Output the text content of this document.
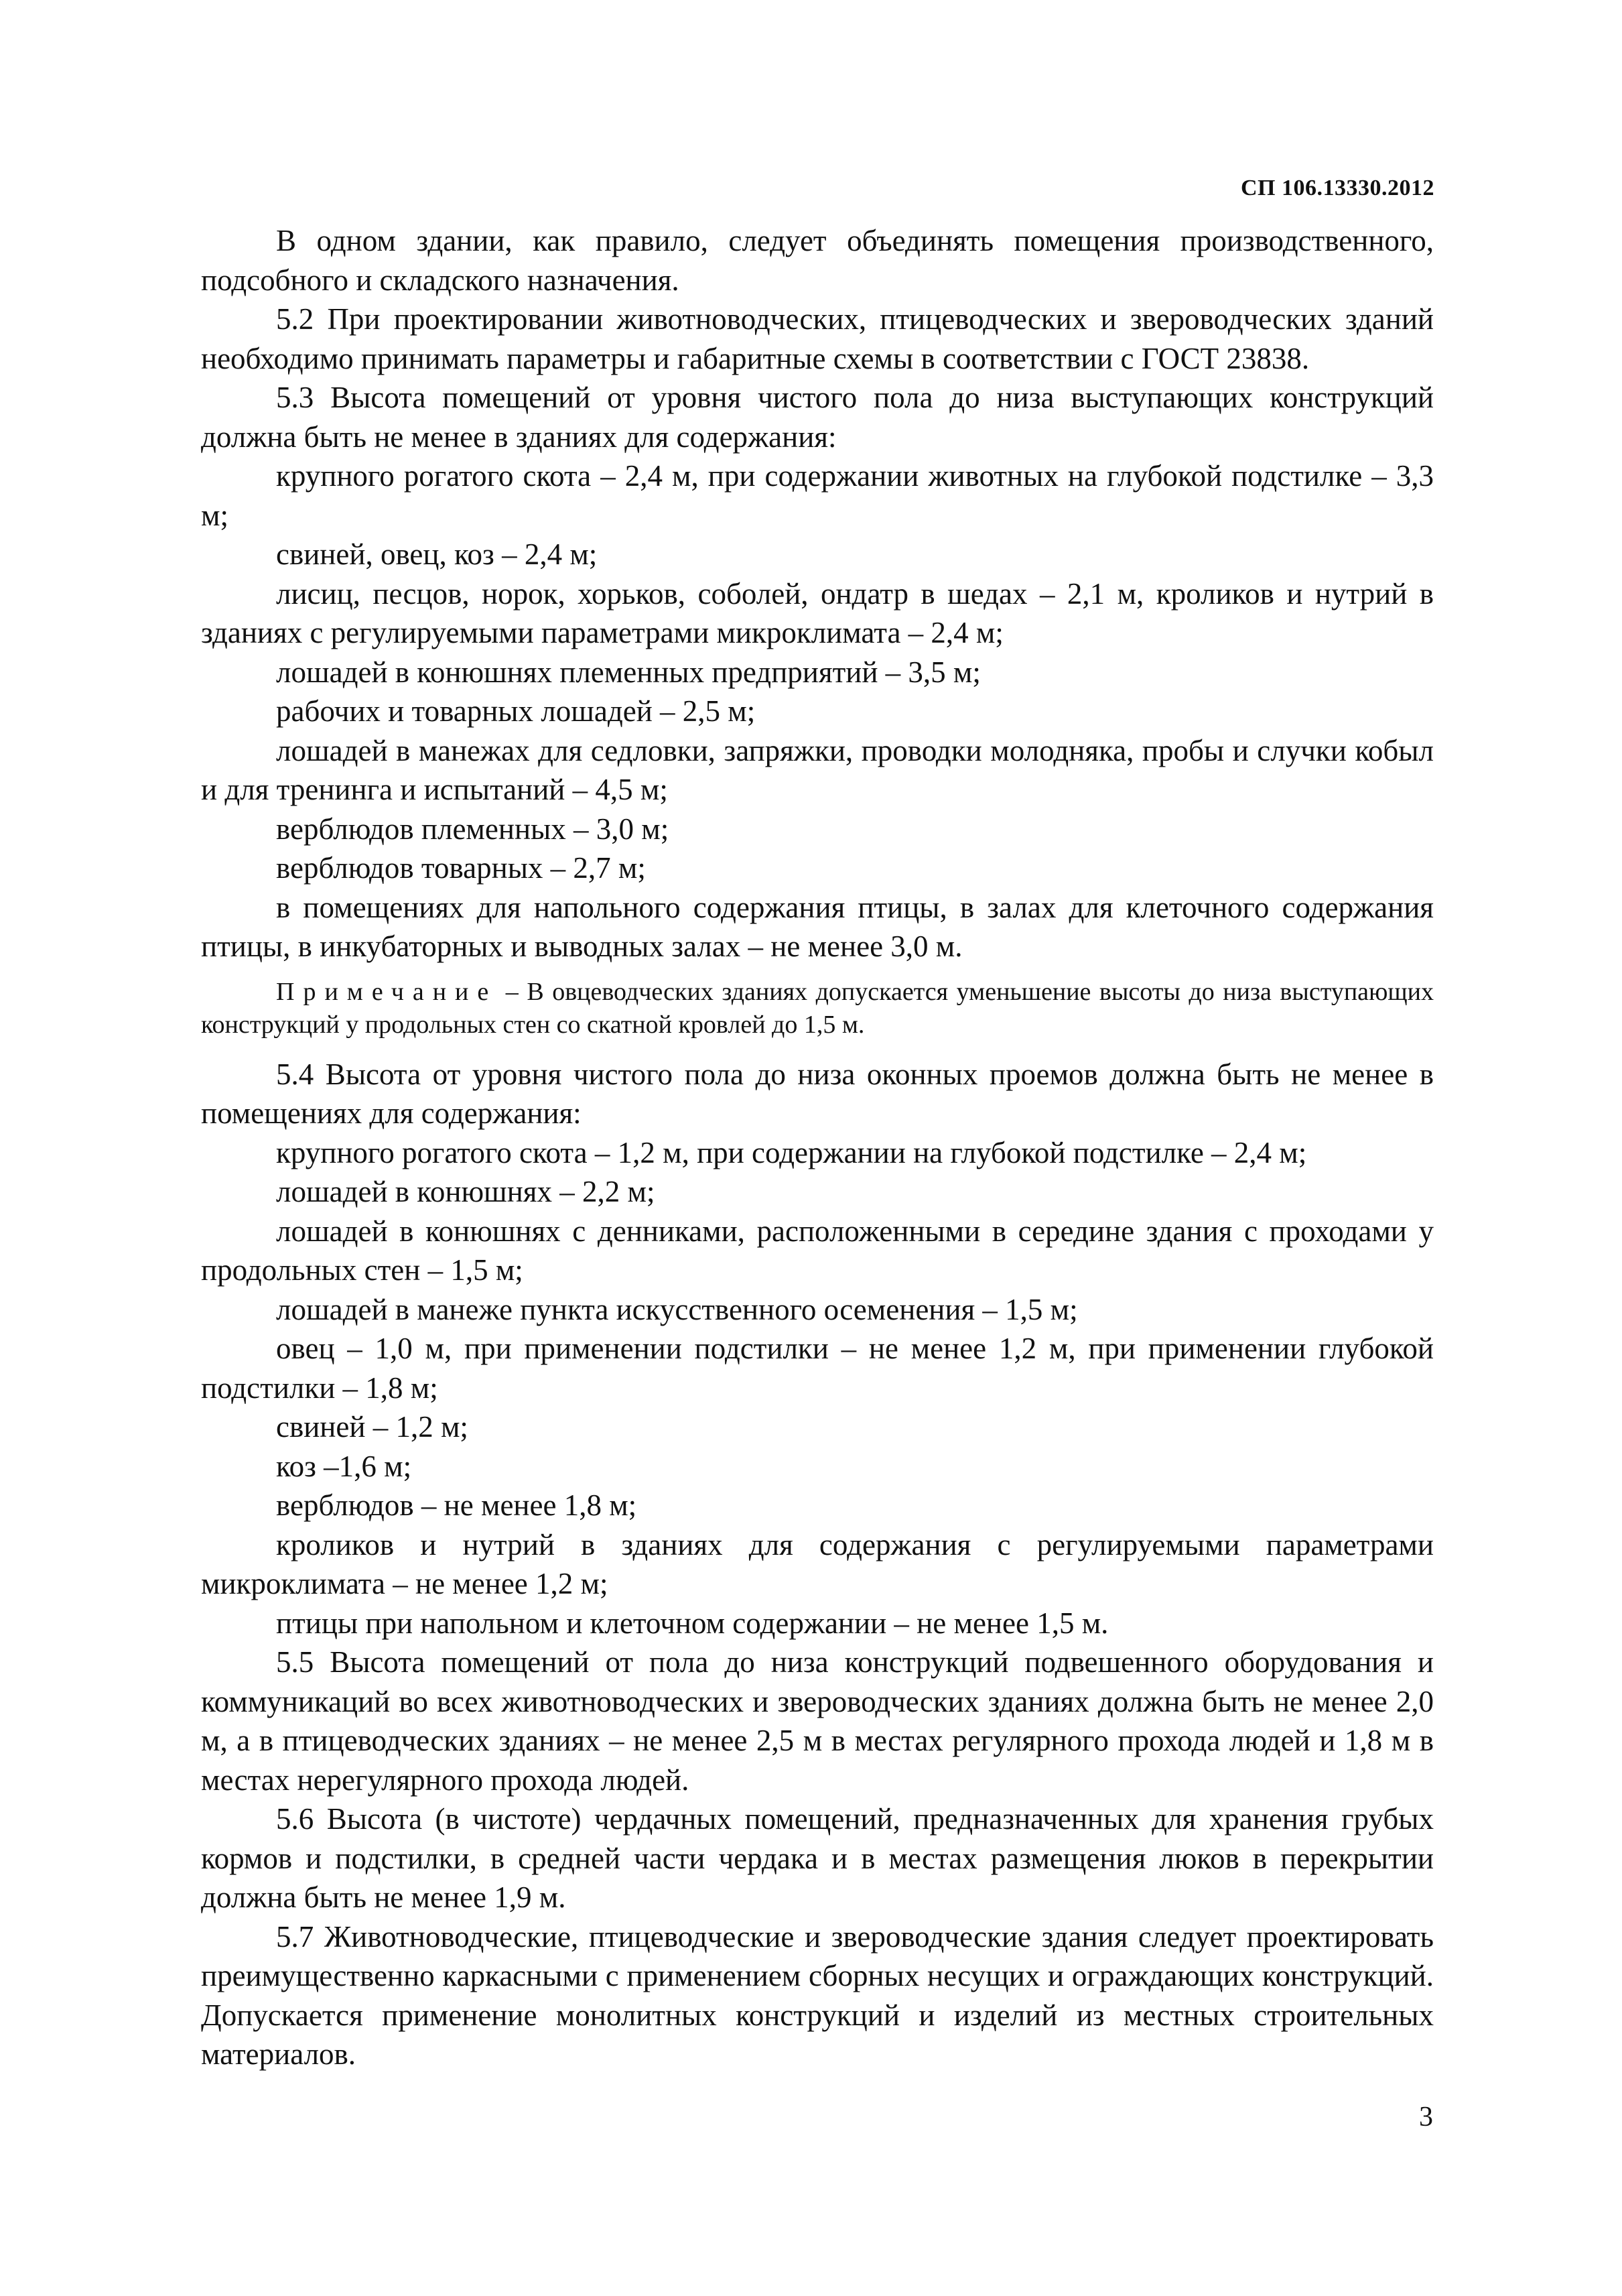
СП 106.13330.2012

В одном здании, как правило, следует объединять помещения производственного, подсобного и складского назначения.

5.2 При проектировании животноводческих, птицеводческих и звероводческих зданий необходимо принимать параметры и габаритные схемы в соответствии с ГОСТ 23838.

5.3 Высота помещений от уровня чистого пола до низа выступающих конструкций должна быть не менее в зданиях для содержания:

крупного рогатого скота – 2,4 м, при содержании животных на глубокой подстилке – 3,3 м;

свиней, овец, коз – 2,4 м;

лисиц, песцов, норок, хорьков, соболей, ондатр в шедах – 2,1 м, кроликов и нутрий в зданиях с регулируемыми параметрами микроклимата – 2,4 м;

лошадей в конюшнях племенных предприятий – 3,5 м;

рабочих и товарных лошадей – 2,5 м;

лошадей в манежах для седловки, запряжки, проводки молодняка, пробы и случки кобыл и для тренинга и испытаний – 4,5 м;

верблюдов племенных – 3,0 м;

верблюдов товарных – 2,7 м;

в помещениях для напольного содержания птицы, в залах для клеточного содержания птицы, в инкубаторных и выводных залах – не менее 3,0 м.

Примечание – В овцеводческих зданиях допускается уменьшение высоты до низа выступающих конструкций у продольных стен со скатной кровлей до 1,5 м.

5.4 Высота от уровня чистого пола до низа оконных проемов должна быть не менее в помещениях для содержания:

крупного рогатого скота – 1,2 м, при содержании на глубокой подстилке – 2,4 м;

лошадей в конюшнях – 2,2 м;

лошадей в конюшнях с денниками, расположенными в середине здания с проходами у продольных стен – 1,5 м;

лошадей в манеже пункта искусственного осеменения – 1,5 м;

овец – 1,0 м, при применении подстилки – не менее 1,2 м, при применении глубокой подстилки – 1,8 м;

свиней – 1,2 м;

коз –1,6 м;

верблюдов – не менее 1,8 м;

кроликов и нутрий в зданиях для содержания с регулируемыми параметрами микроклимата – не менее 1,2 м;

птицы при напольном и клеточном содержании – не менее 1,5 м.

5.5 Высота помещений от пола до низа конструкций подвешенного оборудования и коммуникаций во всех животноводческих и звероводческих зданиях должна быть не менее 2,0 м, а в птицеводческих зданиях – не менее 2,5 м в местах регулярного прохода людей и 1,8 м в местах нерегулярного прохода людей.

5.6 Высота (в чистоте) чердачных помещений, предназначенных для хранения грубых кормов и подстилки, в средней части чердака и в местах размещения люков в перекрытии должна быть не менее 1,9 м.

5.7 Животноводческие, птицеводческие и звероводческие здания следует проектировать преимущественно каркасными с применением сборных несущих и ограждающих конструкций. Допускается применение монолитных конструкций и изделий из местных строительных материалов.

3
